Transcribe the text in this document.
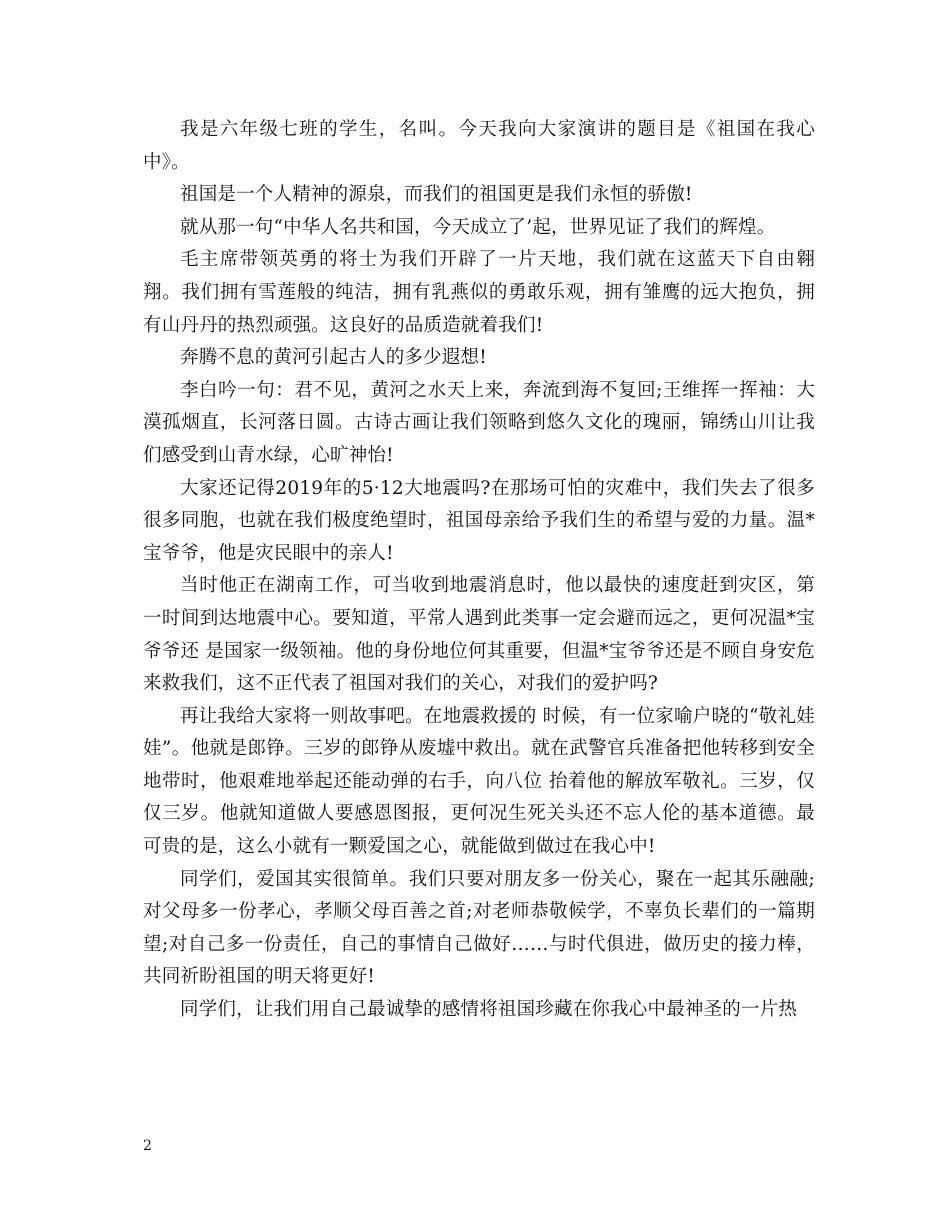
我是六年级七班的学生，名叫。今天我向大家演讲的题目是《祖国在我心中》。

祖国是一个人精神的源泉，而我们的祖国更是我们永恒的骄傲!

就从那一句“中华人名共和国，今天成立了’起，世界见证了我们的辉煌。

毛主席带领英勇的将士为我们开辟了一片天地，我们就在这蓝天下自由翱翔。我们拥有雪莲般的纯洁，拥有乳燕似的勇敢乐观，拥有雏鹰的远大抱负，拥有山丹丹的热烈顽强。这良好的品质造就着我们!

奔腾不息的黄河引起古人的多少遐想!

李白吟一句：君不见，黄河之水天上来，奔流到海不复回;王维挥一挥袖：大漠孤烟直，长河落日圆。古诗古画让我们领略到悠久文化的瑰丽，锦绣山川让我们感受到山青水绿，心旷神怡!

大家还记得2019年的5·12大地震吗?在那场可怕的灾难中，我们失去了很多很多同胞，也就在我们极度绝望时，祖国母亲给予我们生的希望与爱的力量。温*宝爷爷，他是灾民眼中的亲人!

当时他正在湖南工作，可当收到地震消息时，他以最快的速度赶到灾区，第一时间到达地震中心。要知道，平常人遇到此类事一定会避而远之，更何况温*宝爷爷还 是国家一级领袖。他的身份地位何其重要，但温*宝爷爷还是不顾自身安危来救我们，这不正代表了祖国对我们的关心，对我们的爱护吗?

再让我给大家将一则故事吧。在地震救援的 时候，有一位家喻户晓的“敬礼娃娃”。他就是郎铮。三岁的郎铮从废墟中救出。就在武警官兵准备把他转移到安全地带时，他艰难地举起还能动弹的右手，向八位 抬着他的解放军敬礼。三岁，仅仅三岁。他就知道做人要感恩图报，更何况生死关头还不忘人伦的基本道德。最可贵的是，这么小就有一颗爱国之心，就能做到做过在我心中!

同学们，爱国其实很简单。我们只要对朋友多一份关心，聚在一起其乐融融;对父母多一份孝心，孝顺父母百善之首;对老师恭敬候学，不辜负长辈们的一篇期望;对自己多一份责任，自己的事情自己做好……与时代俱进，做历史的接力棒，共同祈盼祖国的明天将更好!

同学们，让我们用自己最诚挚的感情将祖国珍藏在你我心中最神圣的一片热

2
